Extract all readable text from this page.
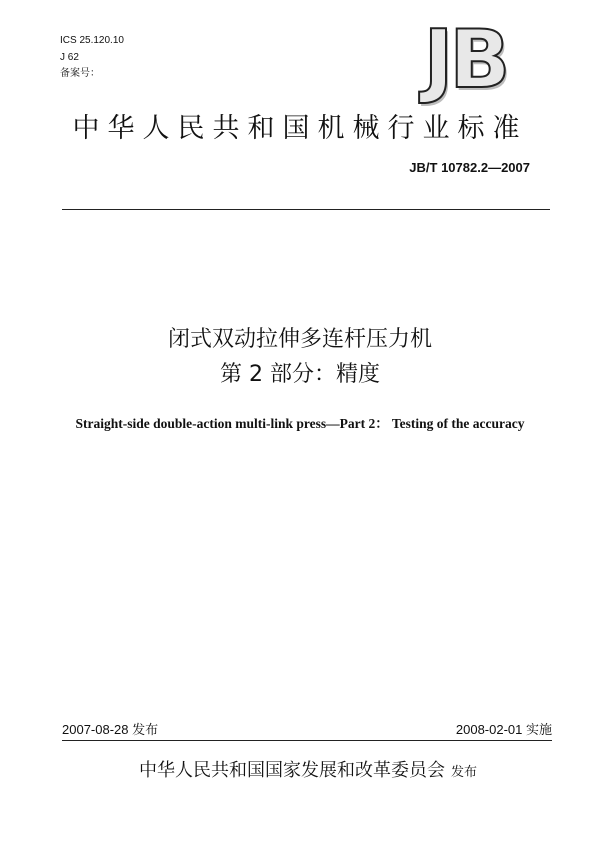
ICS 25.120.10
J 62
备案号：	JB
中华人民共和国机械行业标准
JB/T 10782.2—2007
闭式双动拉伸多连杆压力机
第 2 部分：精度
Straight-side double-action multi-link press—Part 2： Testing of the accuracy
2007-08-28 发布	2008-02-01 实施
中华人民共和国国家发展和改革委员会 发布
